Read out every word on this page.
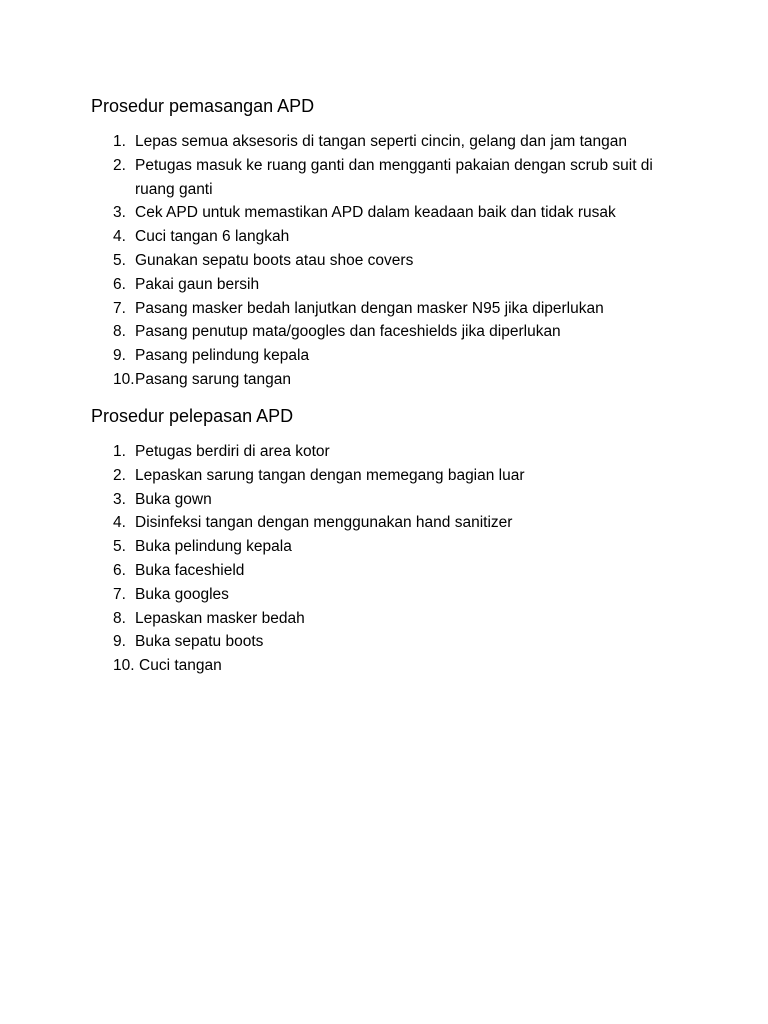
Prosedur pemasangan APD
1. Lepas semua aksesoris di tangan seperti cincin, gelang dan jam tangan
2. Petugas masuk ke ruang ganti dan mengganti pakaian dengan scrub suit di ruang ganti
3. Cek APD untuk memastikan APD dalam keadaan baik dan tidak rusak
4. Cuci tangan 6 langkah
5. Gunakan sepatu boots atau shoe covers
6. Pakai gaun bersih
7. Pasang masker bedah lanjutkan dengan masker N95 jika diperlukan
8. Pasang penutup mata/googles dan faceshields jika diperlukan
9. Pasang pelindung kepala
10. Pasang sarung tangan
Prosedur pelepasan APD
1. Petugas berdiri di area kotor
2. Lepaskan sarung tangan dengan memegang bagian luar
3. Buka gown
4. Disinfeksi tangan dengan menggunakan hand sanitizer
5. Buka pelindung kepala
6. Buka faceshield
7. Buka googles
8. Lepaskan masker bedah
9. Buka sepatu boots
10. Cuci tangan
